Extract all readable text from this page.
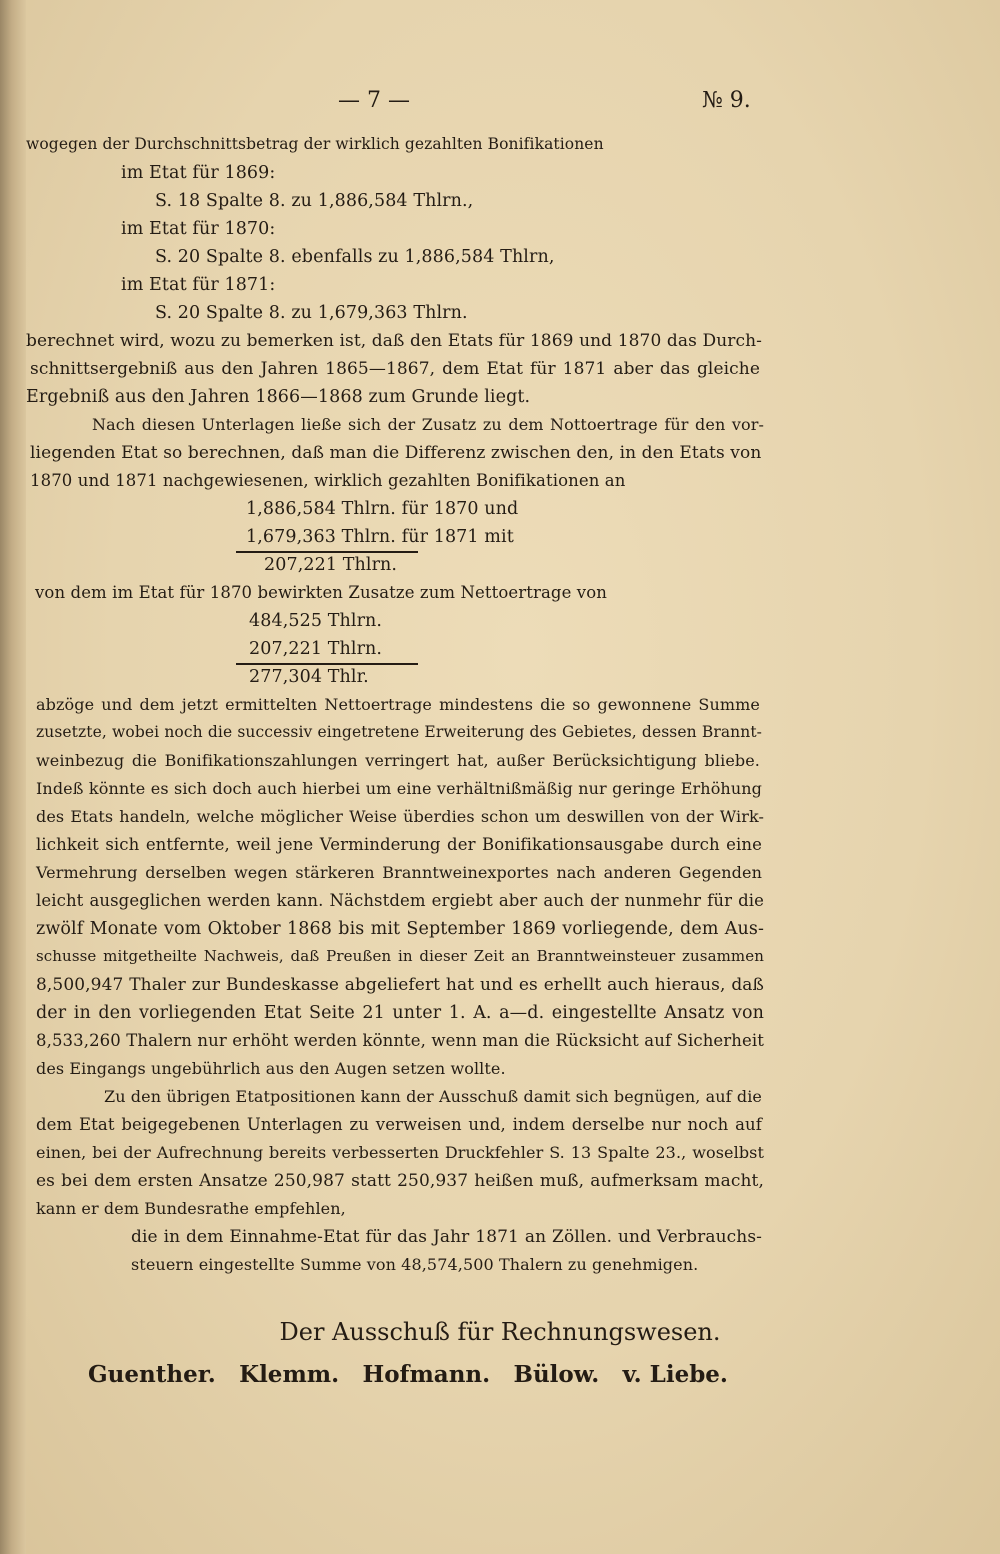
— 7 —	№ 9.
wogegen der Durchschnittsbetrag der wirklich gezahlten Bonifikationen
im Etat für 1869:
S. 18 Spalte 8. zu 1,886,584 Thlrn.,
im Etat für 1870:
S. 20 Spalte 8. ebenfalls zu 1,886,584 Thlrn,
im Etat für 1871:
S. 20 Spalte 8. zu 1,679,363 Thlrn.
berechnet wird, wozu zu bemerken ist, daß den Etats für 1869 und 1870 das Durch-
schnittsergebniß aus den Jahren 1865—1867, dem Etat für 1871 aber das gleiche
Ergebniß aus den Jahren 1866—1868 zum Grunde liegt.
Nach diesen Unterlagen ließe sich der Zusatz zu dem Nottoertrage für den vor-
liegenden Etat so berechnen, daß man die Differenz zwischen den, in den Etats von
1870 und 1871 nachgewiesenen, wirklich gezahlten Bonifikationen an
1,886,584 Thlrn. für 1870 und
1,679,363 Thlrn. für 1871 mit
207,221 Thlrn.
von dem im Etat für 1870 bewirkten Zusatze zum Nettoertrage von
484,525 Thlrn.
207,221 Thlrn.
277,304 Thlr.
abzöge und dem jetzt ermittelten Nettoertrage mindestens die so gewonnene Summe
zusetzte, wobei noch die successiv eingetretene Erweiterung des Gebietes, dessen Brannt-
weinbezug die Bonifikationszahlungen verringert hat, außer Berücksichtigung bliebe.
Indeß könnte es sich doch auch hierbei um eine verhältnißmäßig nur geringe Erhöhung
des Etats handeln, welche möglicher Weise überdies schon um deswillen von der Wirk-
lichkeit sich entfernte, weil jene Verminderung der Bonifikationsausgabe durch eine
Vermehrung derselben wegen stärkeren Branntweinexportes nach anderen Gegenden
leicht ausgeglichen werden kann. Nächstdem ergiebt aber auch der nunmehr für die
zwölf Monate vom Oktober 1868 bis mit September 1869 vorliegende, dem Aus-
schusse mitgetheilte Nachweis, daß Preußen in dieser Zeit an Branntweinsteuer zusammen
8,500,947 Thaler zur Bundeskasse abgeliefert hat und es erhellt auch hieraus, daß
der in den vorliegenden Etat Seite 21 unter 1. A. a—d. eingestellte Ansatz von
8,533,260 Thalern nur erhöht werden könnte, wenn man die Rücksicht auf Sicherheit
des Eingangs ungebührlich aus den Augen setzen wollte.
Zu den übrigen Etatpositionen kann der Ausschuß damit sich begnügen, auf die
dem Etat beigegebenen Unterlagen zu verweisen und, indem derselbe nur noch auf
einen, bei der Aufrechnung bereits verbesserten Druckfehler S. 13 Spalte 23., woselbst
es bei dem ersten Ansatze 250,987 statt 250,937 heißen muß, aufmerksam macht,
kann er dem Bundesrathe empfehlen,
die in dem Einnahme-Etat für das Jahr 1871 an Zöllen. und Verbrauchs-
steuern eingestellte Summe von 48,574,500 Thalern zu genehmigen.
Der Ausschuß für Rechnungswesen.
Guenther. Klemm. Hofmann. Bülow. v. Liebe.
